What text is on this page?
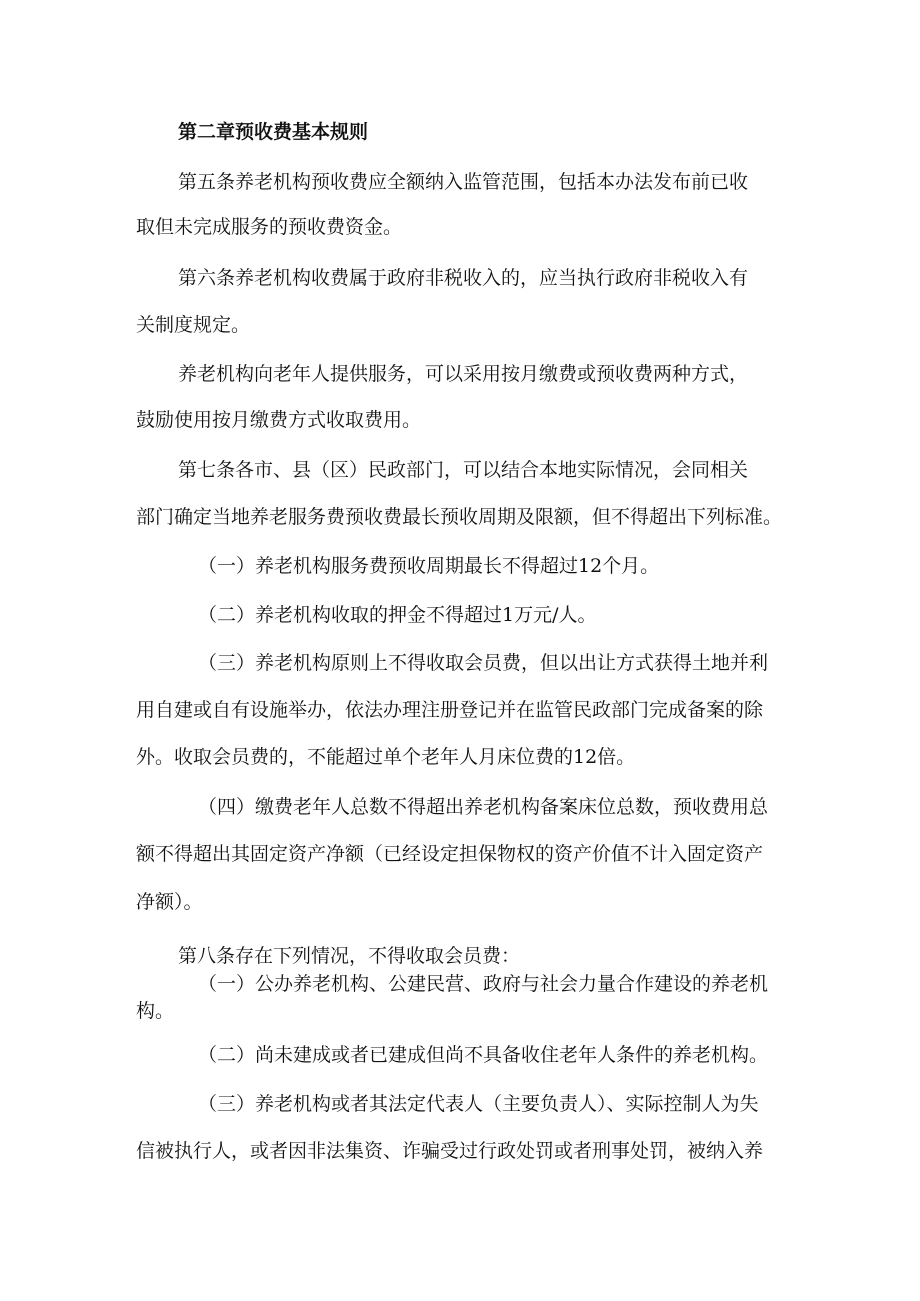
第二章预收费基本规则
第五条养老机构预收费应全额纳入监管范围，包括本办法发布前已收
取但未完成服务的预收费资金。
第六条养老机构收费属于政府非税收入的，应当执行政府非税收入有
关制度规定。
养老机构向老年人提供服务，可以采用按月缴费或预收费两种方式，
鼓励使用按月缴费方式收取费用。
第七条各市、县（区）民政部门，可以结合本地实际情况，会同相关
部门确定当地养老服务费预收费最长预收周期及限额，但不得超出下列标准。
（一）养老机构服务费预收周期最长不得超过12个月。
（二）养老机构收取的押金不得超过1万元/人。
（三）养老机构原则上不得收取会员费，但以出让方式获得土地并利
用自建或自有设施举办，依法办理注册登记并在监管民政部门完成备案的除
外。收取会员费的，不能超过单个老年人月床位费的12倍。
（四）缴费老年人总数不得超出养老机构备案床位总数，预收费用总
额不得超出其固定资产净额（已经设定担保物权的资产价值不计入固定资产
净额）。
第八条存在下列情况，不得收取会员费：
（一）公办养老机构、公建民营、政府与社会力量合作建设的养老机
构。
（二）尚未建成或者已建成但尚不具备收住老年人条件的养老机构。
（三）养老机构或者其法定代表人（主要负责人）、实际控制人为失
信被执行人，或者因非法集资、诈骗受过行政处罚或者刑事处罚，被纳入养
